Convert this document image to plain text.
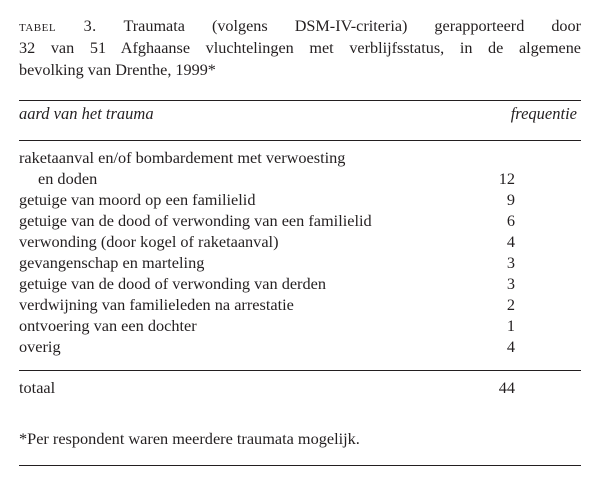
tabel 3. Traumata (volgens DSM-IV-criteria) gerapporteerd door
32 van 51 Afghaanse vluchtelingen met verblijfsstatus, in de algemene
bevolking van Drenthe, 1999*
aard van het trauma	frequentie
raketaanval en/of bombardement met verwoesting
en doden	12
getuige van moord op een familielid	9
getuige van de dood of verwonding van een familielid	6
verwonding (door kogel of raketaanval)	4
gevangenschap en marteling	3
getuige van de dood of verwonding van derden	3
verdwijning van familieleden na arrestatie	2
ontvoering van een dochter	1
overig	4
totaal	44
*Per respondent waren meerdere traumata mogelijk.
